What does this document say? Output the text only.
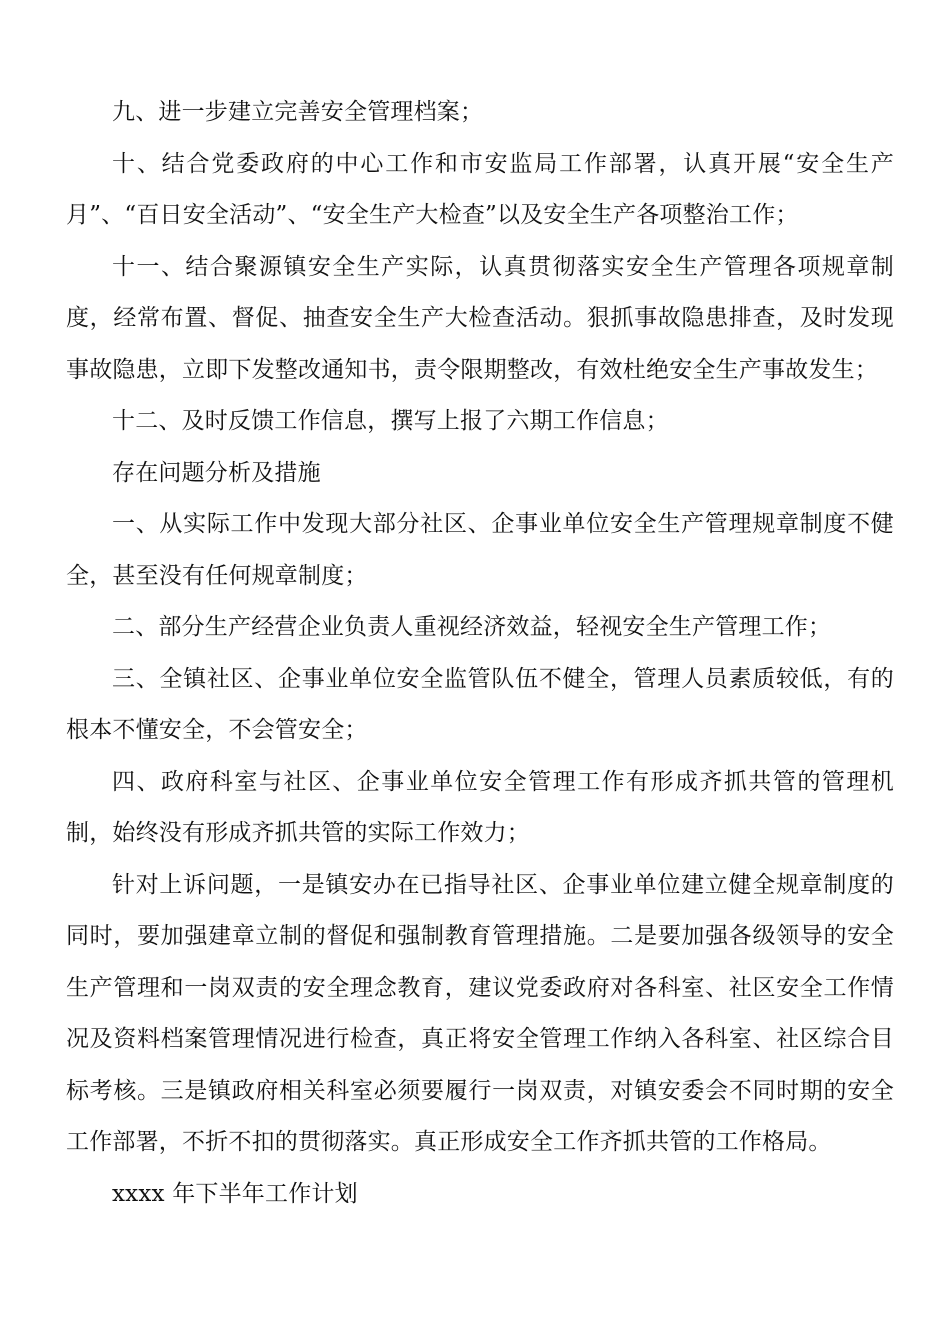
九、进一步建立完善安全管理档案；

十、结合党委政府的中心工作和市安监局工作部署，认真开展“安全生产月”、“百日安全活动”、“安全生产大检查”以及安全生产各项整治工作；

十一、结合聚源镇安全生产实际，认真贯彻落实安全生产管理各项规章制度，经常布置、督促、抽查安全生产大检查活动。狠抓事故隐患排查，及时发现事故隐患，立即下发整改通知书，责令限期整改，有效杜绝安全生产事故发生；

十二、及时反馈工作信息，撰写上报了六期工作信息；

存在问题分析及措施

一、从实际工作中发现大部分社区、企事业单位安全生产管理规章制度不健全，甚至没有任何规章制度；

二、部分生产经营企业负责人重视经济效益，轻视安全生产管理工作；

三、全镇社区、企事业单位安全监管队伍不健全，管理人员素质较低，有的根本不懂安全，不会管安全；

四、政府科室与社区、企事业单位安全管理工作有形成齐抓共管的管理机制，始终没有形成齐抓共管的实际工作效力；

针对上诉问题，一是镇安办在已指导社区、企事业单位建立健全规章制度的同时，要加强建章立制的督促和强制教育管理措施。二是要加强各级领导的安全生产管理和一岗双责的安全理念教育，建议党委政府对各科室、社区安全工作情况及资料档案管理情况进行检查，真正将安全管理工作纳入各科室、社区综合目标考核。三是镇政府相关科室必须要履行一岗双责，对镇安委会不同时期的安全工作部署，不折不扣的贯彻落实。真正形成安全工作齐抓共管的工作格局。

xxxx 年下半年工作计划
